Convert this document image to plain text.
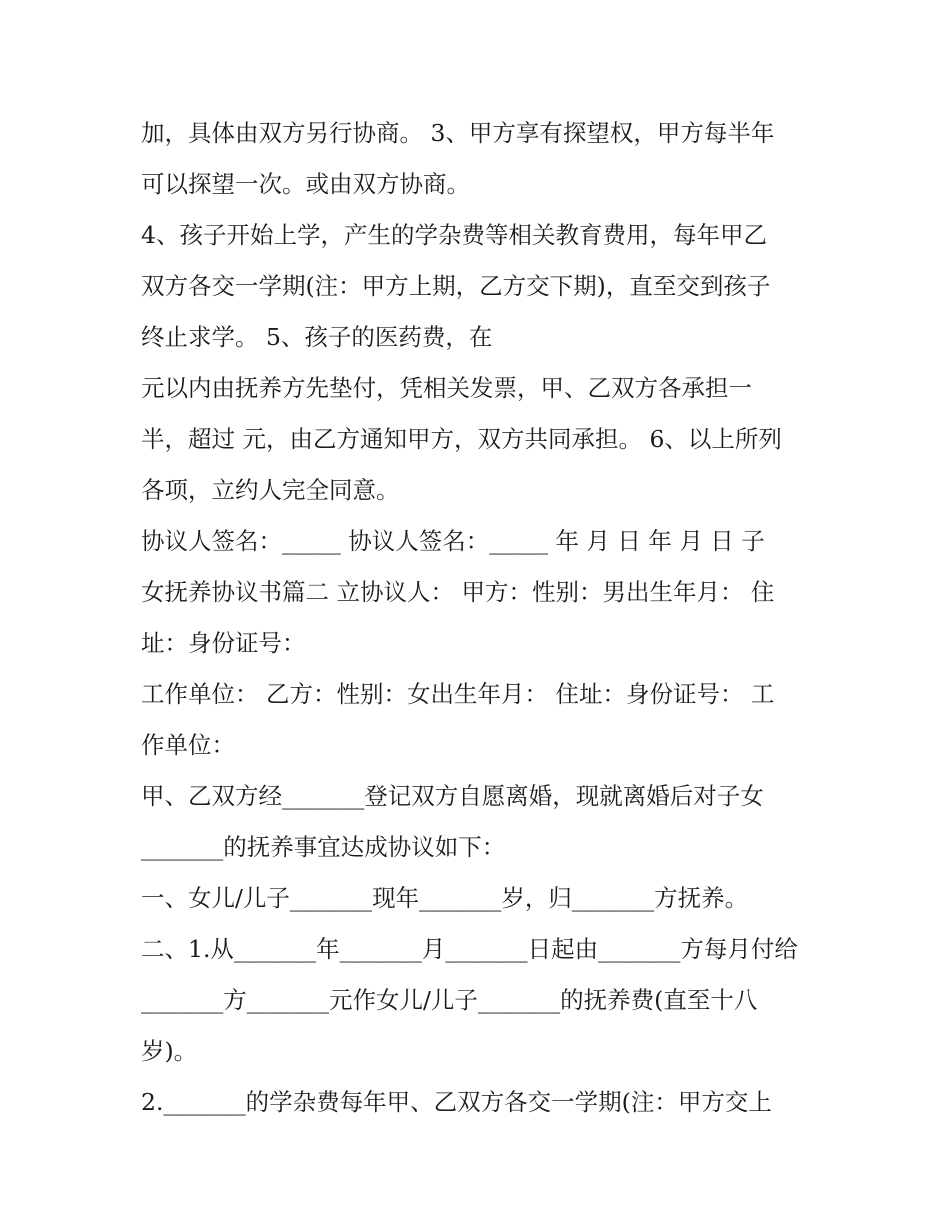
加，具体由双方另行协商。 3、甲方享有探望权，甲方每半年
可以探望一次。或由双方协商。
4、孩子开始上学，产生的学杂费等相关教育费用，每年甲乙
双方各交一学期(注：甲方上期，乙方交下期)，直至交到孩子
终止求学。 5、孩子的医药费，在
元以内由抚养方先垫付，凭相关发票，甲、乙双方各承担一
半，超过 元，由乙方通知甲方，双方共同承担。 6、以上所列
各项，立约人完全同意。
协议人签名：_____ 协议人签名：_____ 年 月 日 年 月 日 子
女抚养协议书篇二 立协议人： 甲方：性别：男出生年月： 住
址：身份证号：
工作单位： 乙方：性别：女出生年月： 住址：身份证号： 工
作单位：
甲、乙双方经_______登记双方自愿离婚，现就离婚后对子女
_______的抚养事宜达成协议如下：
一、女儿/儿子_______现年_______岁，归_______方抚养。
二、1.从_______年_______月_______日起由_______方每月付给
_______方_______元作女儿/儿子_______的抚养费(直至十八
岁)。
2._______的学杂费每年甲、乙双方各交一学期(注：甲方交上
